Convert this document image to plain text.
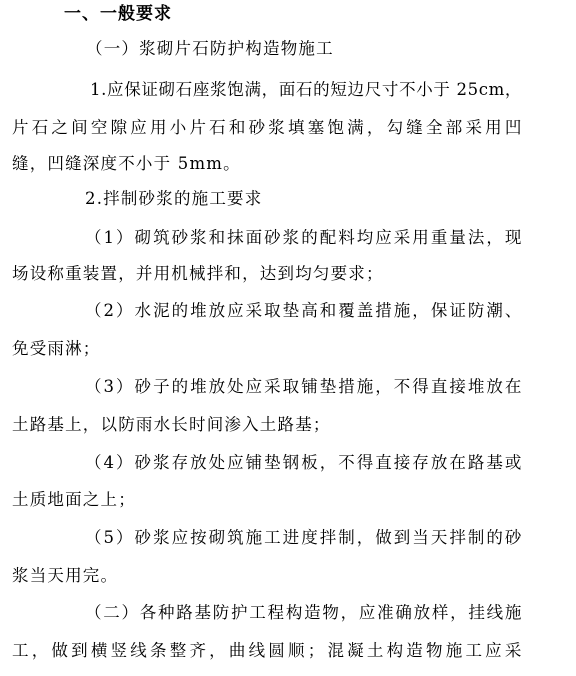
一、一般要求
（一）浆砌片石防护构造物施工
1.应保证砌石座浆饱满，面石的短边尺寸不小于 25cm，
片石之间空隙应用小片石和砂浆填塞饱满，勾缝全部采用凹
缝，凹缝深度不小于 5mm。
2.拌制砂浆的施工要求
（1）砌筑砂浆和抹面砂浆的配料均应采用重量法，现
场设称重装置，并用机械拌和，达到均匀要求；
（2）水泥的堆放应采取垫高和覆盖措施，保证防潮、
免受雨淋；
（3）砂子的堆放处应采取铺垫措施，不得直接堆放在
土路基上，以防雨水长时间渗入土路基；
（4）砂浆存放处应铺垫钢板，不得直接存放在路基或
土质地面之上；
（5）砂浆应按砌筑施工进度拌制，做到当天拌制的砂
浆当天用完。
（二）各种路基防护工程构造物，应准确放样，挂线施
工，做到横竖线条整齐，曲线圆顺；混凝土构造物施工应采
